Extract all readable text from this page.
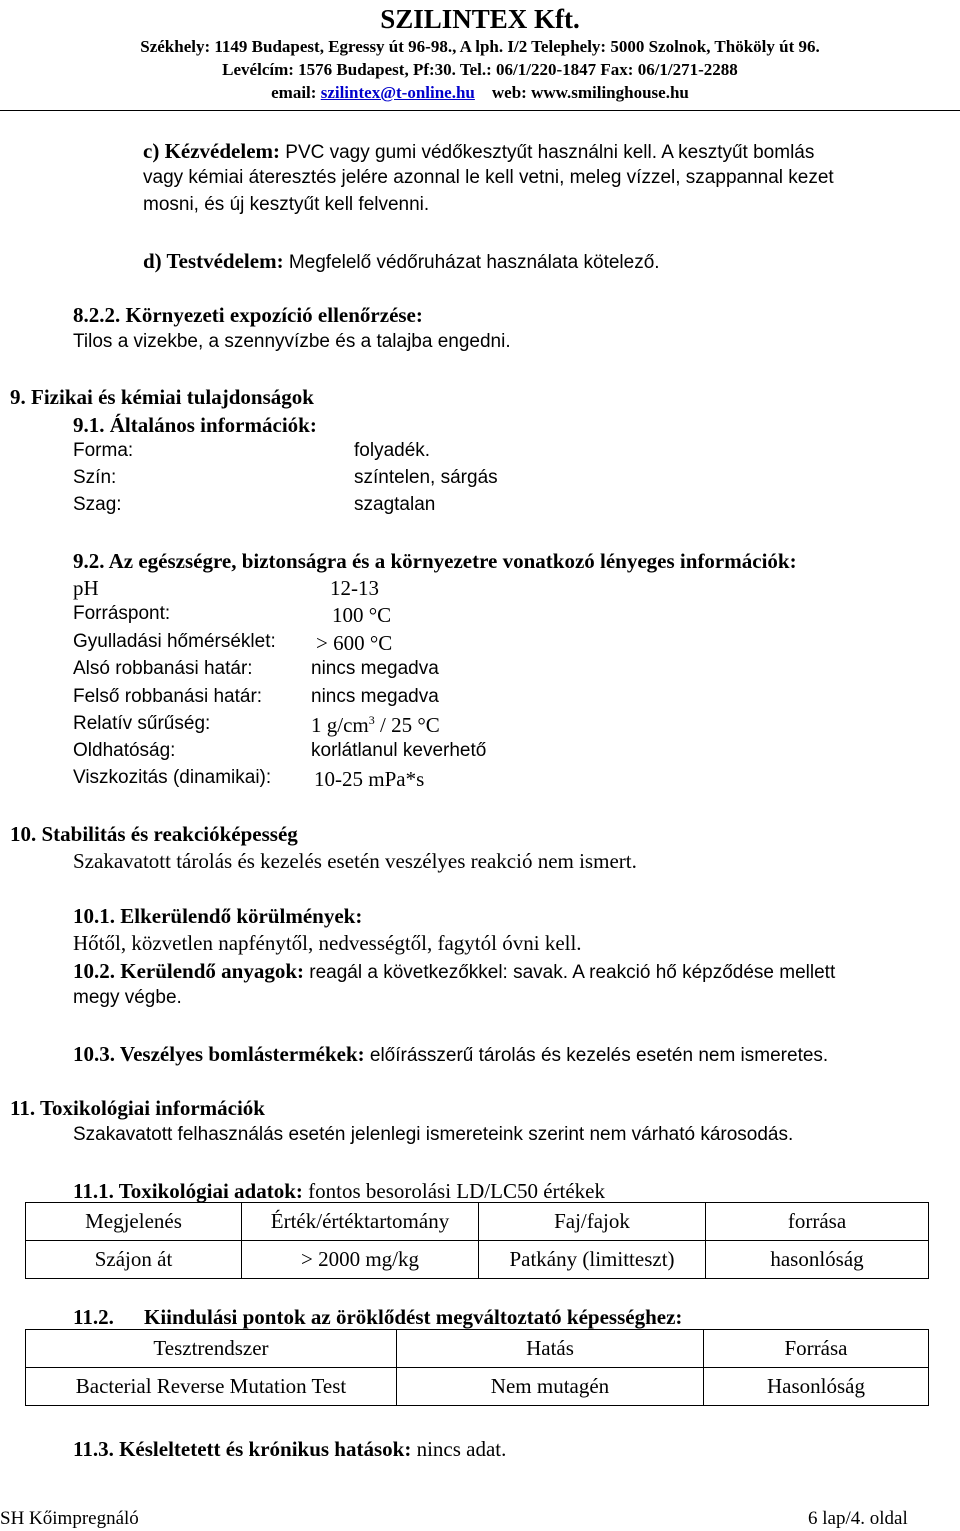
SZILINTEX Kft.
Székhely: 1149 Budapest, Egressy út 96-98., A lph. I/2 Telephely: 5000 Szolnok, Thököly út 96.
Levélcím: 1576 Budapest, Pf:30. Tel.: 06/1/220-1847 Fax: 06/1/271-2288
email: szilintex@t-online.hu web: www.smilinghouse.hu
c) Kézvédelem: PVC vagy gumi védőkesztyűt használni kell. A kesztyűt bomlás
vagy kémiai áteresztés jelére azonnal le kell vetni, meleg vízzel, szappannal kezet
mosni, és új kesztyűt kell felvenni.
d) Testvédelem: Megfelelő védőruházat használata kötelező.
8.2.2. Környezeti expozíció ellenőrzése:
Tilos a vizekbe, a szennyvízbe és a talajba engedni.
9. Fizikai és kémiai tulajdonságok
9.1. Általános információk:
Forma:	folyadék.
Szín:	színtelen, sárgás
Szag:	szagtalan
9.2. Az egészségre, biztonságra és a környezetre vonatkozó lényeges információk:
pH	12-13
Forráspont:	100 °C
Gyulladási hőmérséklet: > 600 °C
Alsó robbanási határ:	nincs megadva
Felső robbanási határ:	nincs megadva
Relatív sűrűség:	1 $g/cm^3 / 25$ °C
Oldhatóság:	korlátlanul keverhető
Viszkozitás (dinamikai): 10-25 mPa*s
10. Stabilitás és reakcióképesség
Szakavatott tárolás és kezelés esetén veszélyes reakció nem ismert.
10.1. Elkerülendő körülmények:
Hőtől, közvetlen napfénytől, nedvességtől, fagytól óvni kell.
10.2. Kerülendő anyagok: reagál a következőkkel: savak. A reakció hő képződése mellett
megy végbe.
10.3. Veszélyes bomlástermékek: előírásszerű tárolás és kezelés esetén nem ismeretes.
11. Toxikológiai információk
Szakavatott felhasználás esetén jelenlegi ismereteink szerint nem várható károsodás.
11.1. Toxikológiai adatok: fontos besorolási LD/LC50 értékek
Megjelenés	Érték/értéktartomány	Faj/fajok	forrása
Szájon át	> 2000 mg/kg	Patkány (limitteszt)	hasonlóság
11.2. Kiindulási pontok az öröklődést megváltoztató képességhez:
Tesztrendszer	Hatás	Forrása
Bacterial Reverse Mutation Test	Nem mutagén	Hasonlóság
11.3. Késleltetett és krónikus hatások: nincs adat.
SH Kőimpregnáló	6 lap/4. oldal
